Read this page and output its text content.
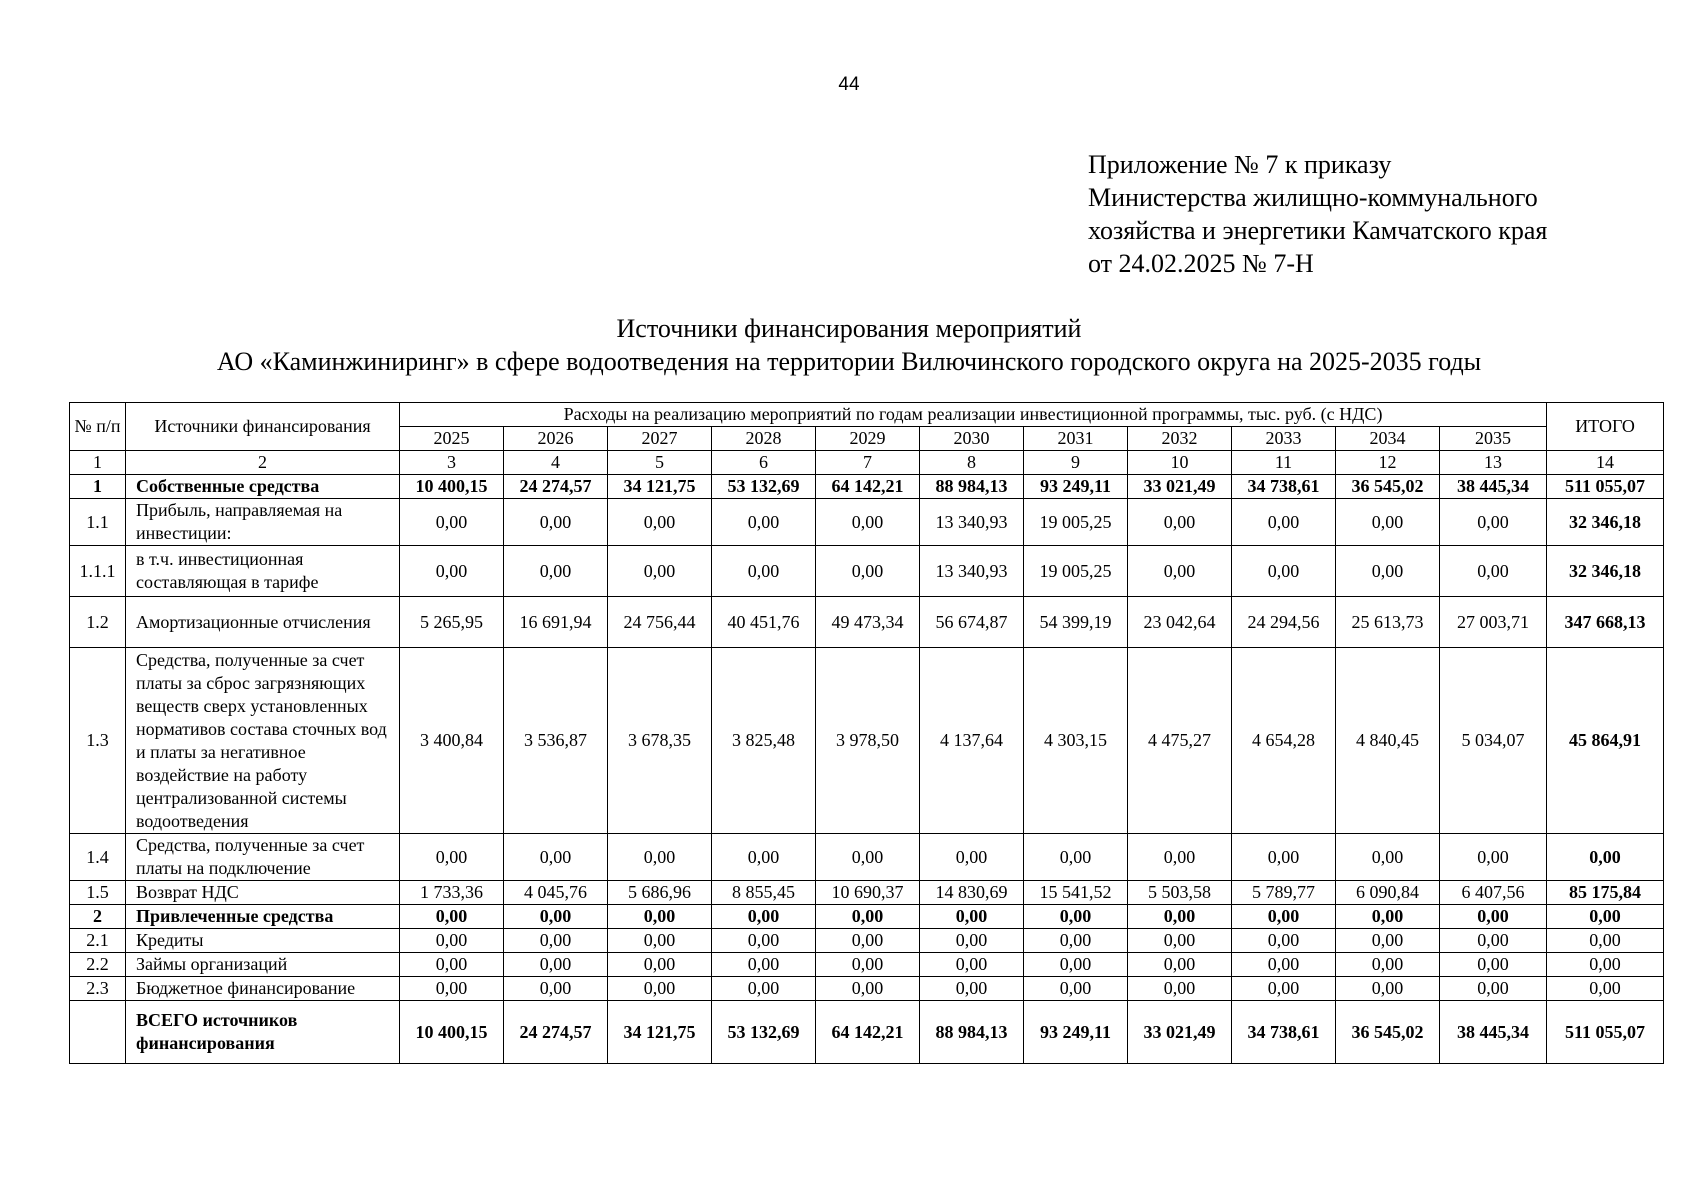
44
Приложение № 7 к приказу
Министерства жилищно-коммунального
хозяйства и энергетики Камчатского края
от 24.02.2025 № 7-Н
Источники финансирования мероприятий
АО «Каминжиниринг» в сфере водоотведения на территории Вилючинского городского округа на 2025-2035 годы
№ п/п	Источники финансирования	Расходы на реализацию мероприятий по годам реализации инвестиционной программы, тыс. руб. (с НДС)											ИТОГО
		2025	2026	2027	2028	2029	2030	2031	2032	2033	2034	2035	
1	2	3	4	5	6	7	8	9	10	11	12	13	14
1	Собственные средства	10 400,15	24 274,57	34 121,75	53 132,69	64 142,21	88 984,13	93 249,11	33 021,49	34 738,61	36 545,02	38 445,34	511 055,07
1.1	Прибыль, направляемая на инвестиции:	0,00	0,00	0,00	0,00	0,00	13 340,93	19 005,25	0,00	0,00	0,00	0,00	32 346,18
1.1.1	в т.ч. инвестиционная составляющая в тарифе	0,00	0,00	0,00	0,00	0,00	13 340,93	19 005,25	0,00	0,00	0,00	0,00	32 346,18
1.2	Амортизационные отчисления	5 265,95	16 691,94	24 756,44	40 451,76	49 473,34	56 674,87	54 399,19	23 042,64	24 294,56	25 613,73	27 003,71	347 668,13
1.3	Средства, полученные за счет платы за сброс загрязняющих веществ сверх установленных нормативов состава сточных вод и платы за негативное воздействие на работу централизованной системы водоотведения	3 400,84	3 536,87	3 678,35	3 825,48	3 978,50	4 137,64	4 303,15	4 475,27	4 654,28	4 840,45	5 034,07	45 864,91
1.4	Средства, полученные за счет платы на подключение	0,00	0,00	0,00	0,00	0,00	0,00	0,00	0,00	0,00	0,00	0,00	0,00
1.5	Возврат НДС	1 733,36	4 045,76	5 686,96	8 855,45	10 690,37	14 830,69	15 541,52	5 503,58	5 789,77	6 090,84	6 407,56	85 175,84
2	Привлеченные средства	0,00	0,00	0,00	0,00	0,00	0,00	0,00	0,00	0,00	0,00	0,00	0,00
2.1	Кредиты	0,00	0,00	0,00	0,00	0,00	0,00	0,00	0,00	0,00	0,00	0,00	0,00
2.2	Займы организаций	0,00	0,00	0,00	0,00	0,00	0,00	0,00	0,00	0,00	0,00	0,00	0,00
2.3	Бюджетное финансирование	0,00	0,00	0,00	0,00	0,00	0,00	0,00	0,00	0,00	0,00	0,00	0,00
	ВСЕГО источников финансирования	10 400,15	24 274,57	34 121,75	53 132,69	64 142,21	88 984,13	93 249,11	33 021,49	34 738,61	36 545,02	38 445,34	511 055,07
